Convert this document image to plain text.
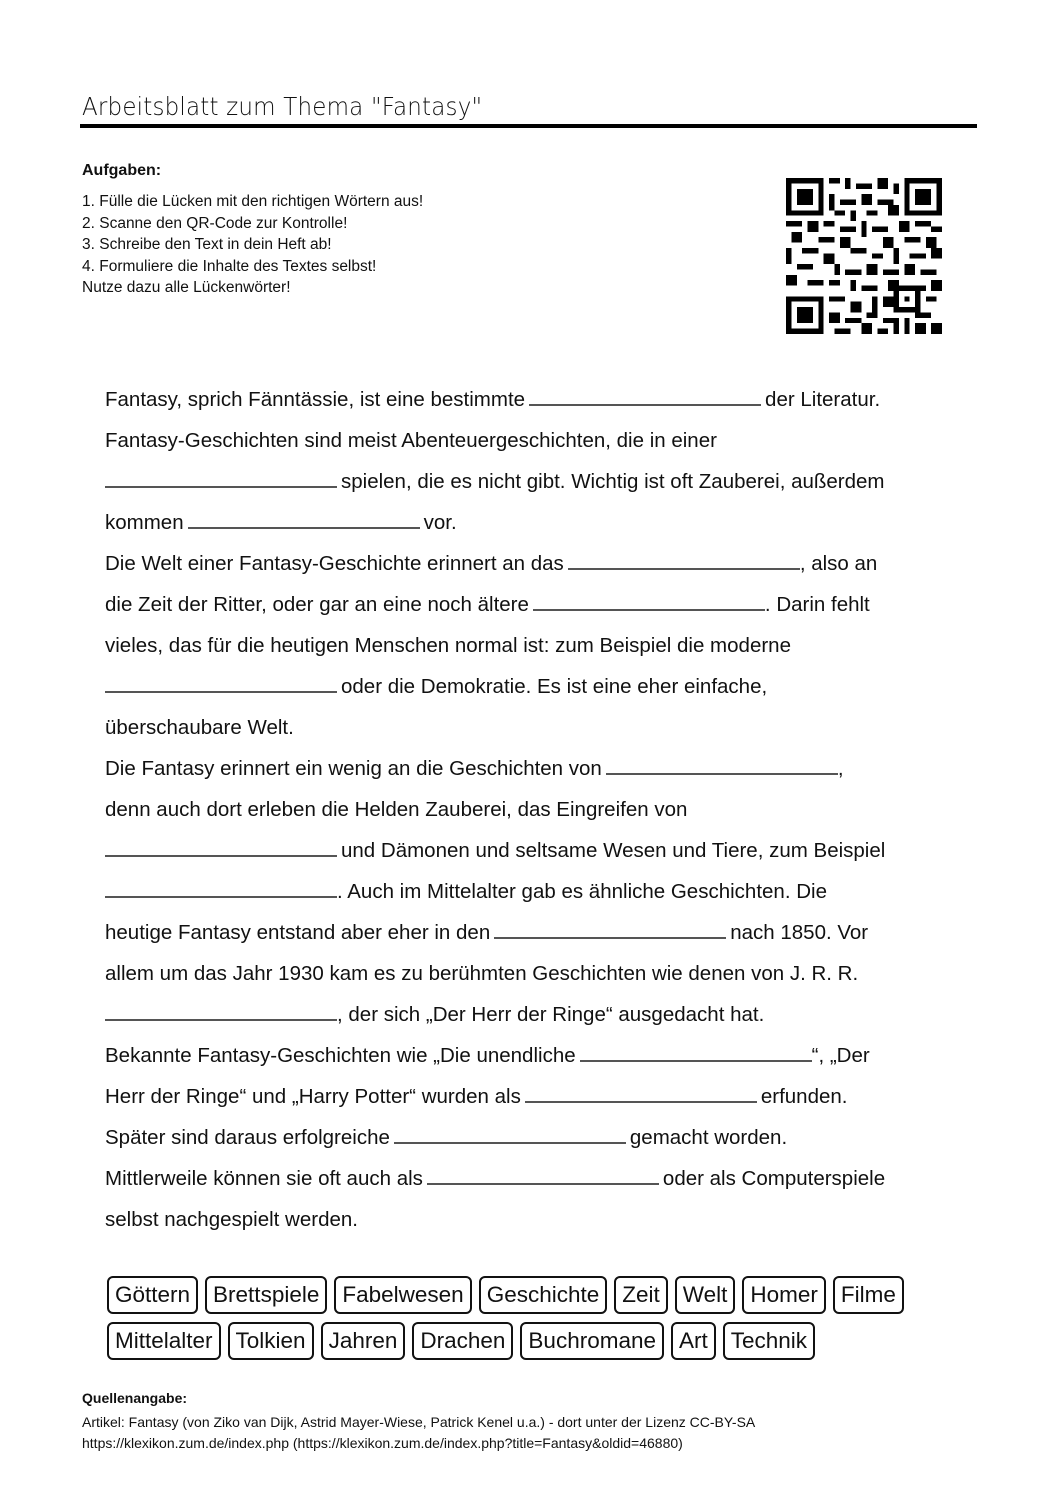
Arbeitsblatt zum Thema "Fantasy"
Aufgaben:
1. Fülle die Lücken mit den richtigen Wörtern aus!
2. Scanne den QR-Code zur Kontrolle!
3. Schreibe den Text in dein Heft ab!
4. Formuliere die Inhalte des Textes selbst!
Nutze dazu alle Lückenwörter!
Fantasy, sprich Fänntässie, ist eine bestimmte	der Literatur.
Fantasy-Geschichten sind meist Abenteuergeschichten, die in einer
spielen, die es nicht gibt. Wichtig ist oft Zauberei, außerdem
kommen	vor.
Die Welt einer Fantasy-Geschichte erinnert an das	, also an
die Zeit der Ritter, oder gar an eine noch ältere	. Darin fehlt
vieles, das für die heutigen Menschen normal ist: zum Beispiel die moderne
oder die Demokratie. Es ist eine eher einfache,
überschaubare Welt.
Die Fantasy erinnert ein wenig an die Geschichten von	,
denn auch dort erleben die Helden Zauberei, das Eingreifen von
und Dämonen und seltsame Wesen und Tiere, zum Beispiel
. Auch im Mittelalter gab es ähnliche Geschichten. Die
heutige Fantasy entstand aber eher in den	nach 1850. Vor
allem um das Jahr 1930 kam es zu berühmten Geschichten wie denen von J. R. R.
, der sich „Der Herr der Ringe“ ausgedacht hat.
Bekannte Fantasy-Geschichten wie „Die unendliche	“, „Der
Herr der Ringe“ und „Harry Potter“ wurden als	erfunden.
Später sind daraus erfolgreiche	gemacht worden.
Mittlerweile können sie oft auch als	oder als Computerspiele
selbst nachgespielt werden.
Göttern	Brettspiele	Fabelwesen	Geschichte	Zeit	Welt	Homer	Filme
Mittelalter	Tolkien	Jahren	Drachen	Buchromane	Art	Technik
Quellenangabe:
Artikel: Fantasy (von Ziko van Dijk, Astrid Mayer-Wiese, Patrick Kenel u.a.) - dort unter der Lizenz CC-BY-SA
https://klexikon.zum.de/index.php (https://klexikon.zum.de/index.php?title=Fantasy&oldid=46880)
